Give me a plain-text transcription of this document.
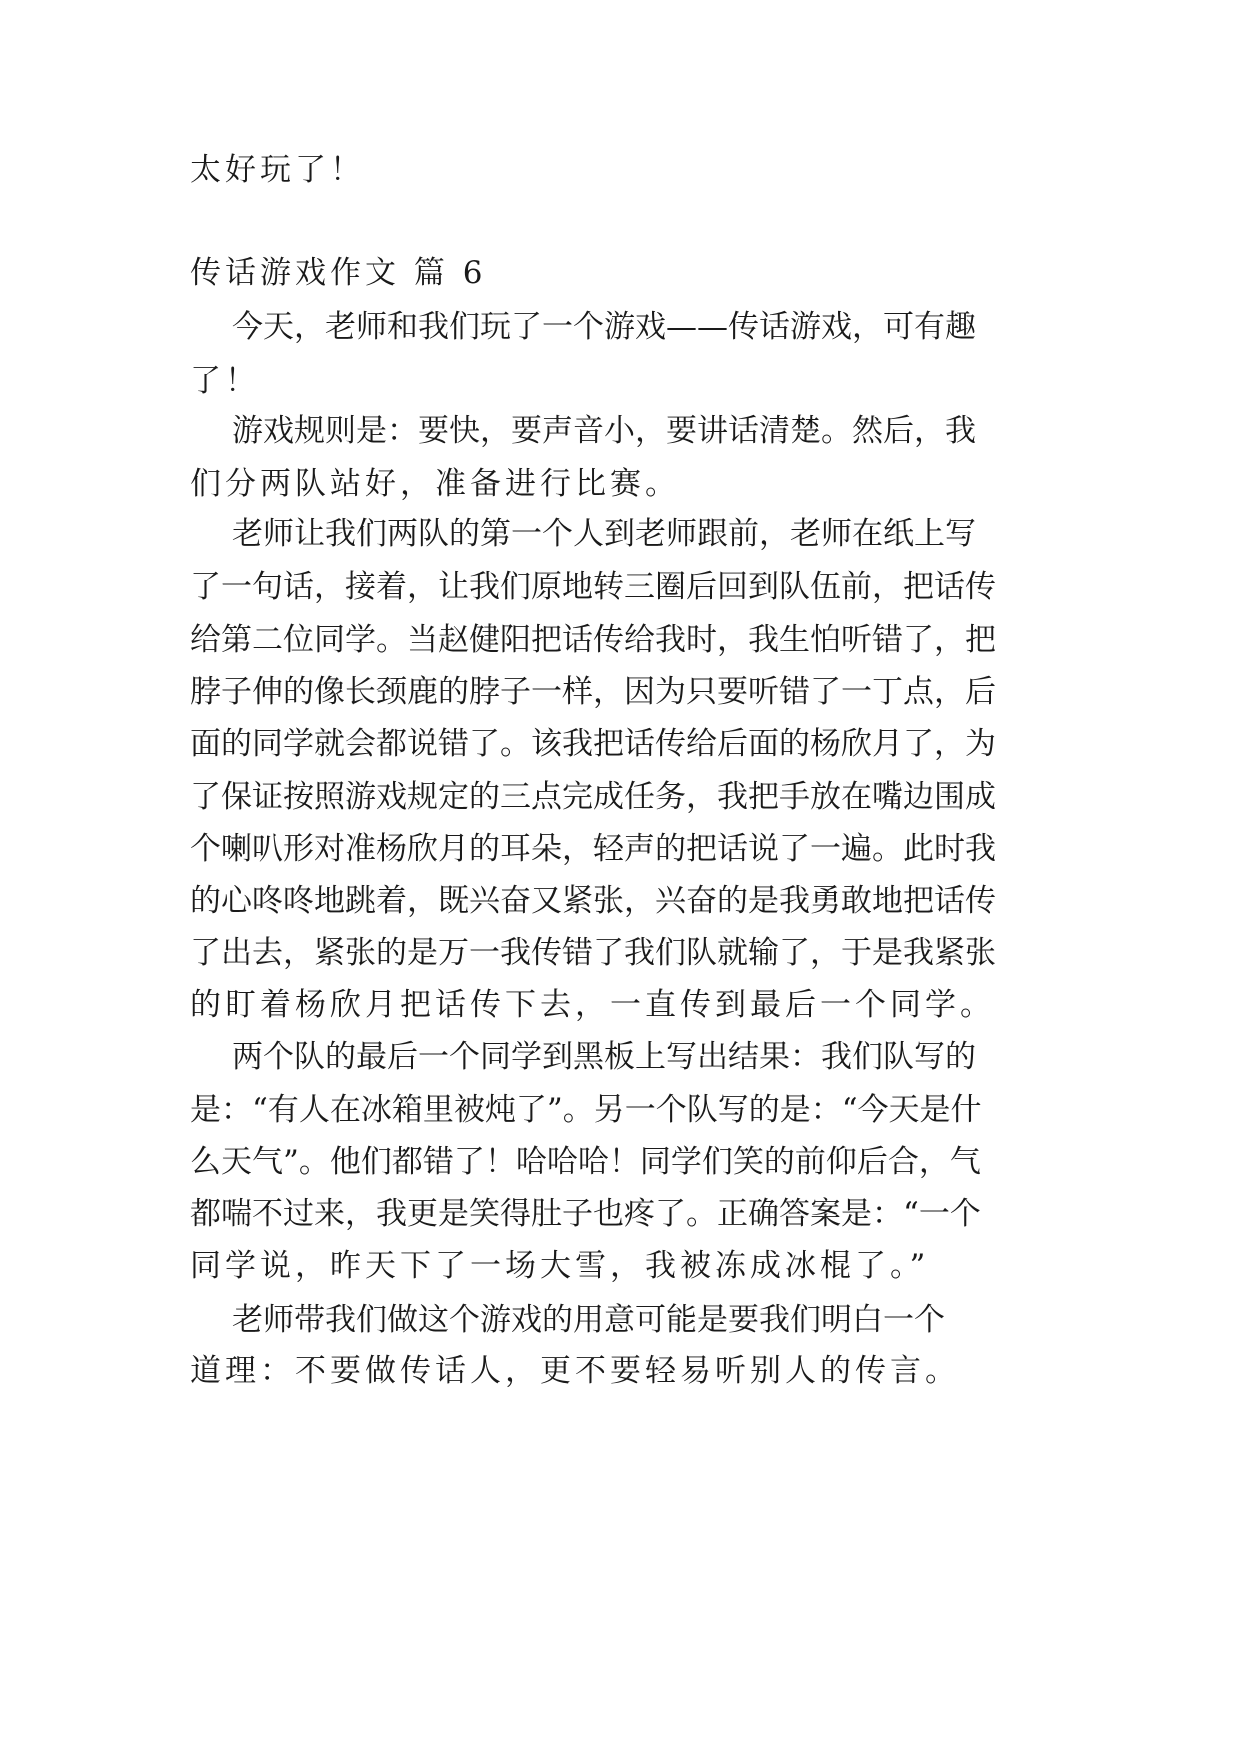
太好玩了！
传话游戏作文 篇 6
今天，老师和我们玩了一个游戏——传话游戏，可有趣
了！
游戏规则是：要快，要声音小，要讲话清楚。然后，我
们分两队站好，准备进行比赛。
老师让我们两队的第一个人到老师跟前，老师在纸上写
了一句话，接着，让我们原地转三圈后回到队伍前，把话传
给第二位同学。当赵健阳把话传给我时，我生怕听错了，把
脖子伸的像长颈鹿的脖子一样，因为只要听错了一丁点，后
面的同学就会都说错了。该我把话传给后面的杨欣月了，为
了保证按照游戏规定的三点完成任务，我把手放在嘴边围成
个喇叭形对准杨欣月的耳朵，轻声的把话说了一遍。此时我
的心咚咚地跳着，既兴奋又紧张，兴奋的是我勇敢地把话传
了出去，紧张的是万一我传错了我们队就输了，于是我紧张
的盯着杨欣月把话传下去，一直传到最后一个同学。
两个队的最后一个同学到黑板上写出结果：我们队写的
是：“有人在冰箱里被炖了”。另一个队写的是：“今天是什
么天气”。他们都错了！哈哈哈！同学们笑的前仰后合，气
都喘不过来，我更是笑得肚子也疼了。正确答案是：“一个
同学说，昨天下了一场大雪，我被冻成冰棍了。”
老师带我们做这个游戏的用意可能是要我们明白一个
道理：不要做传话人，更不要轻易听别人的传言。
